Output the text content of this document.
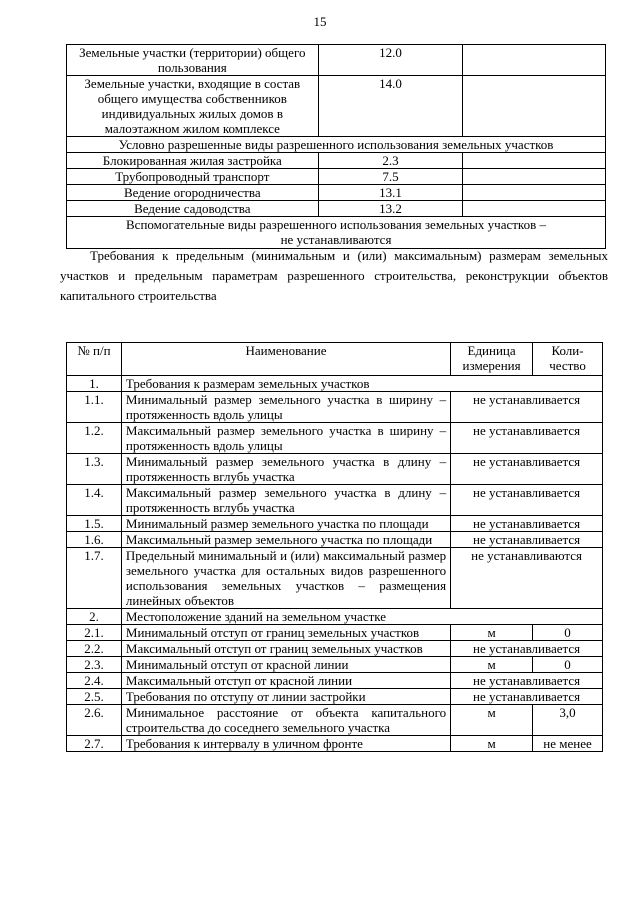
15
Земельные участки (территории) общего пользования	12.0	
Земельные участки, входящие в состав общего имущества собственников индивидуальных жилых домов в малоэтажном жилом комплексе	14.0	
Условно разрешенные виды разрешенного использования земельных участков		
Блокированная жилая застройка	2.3	
Трубопроводный транспорт	7.5	
Ведение огородничества	13.1	
Ведение садоводства	13.2	

Вспомогательные виды разрешенного использования земельных участков –
не устанавливаются		
Требования к предельным (минимальным и (или) максимальным) размерам земельных участков и предельным параметрам разрешенного строительства, реконструкции объектов капитального строительства
№ п/п	Наименование	Единица измерения	Коли-чество
1.	Требования к размерам земельных участков		
1.1.	Минимальный размер земельного участка в ширину – протяженность вдоль улицы	не устанавливается	
1.2.	Максимальный размер земельного участка в ширину – протяженность вдоль улицы	не устанавливается	
1.3.	Минимальный размер земельного участка в длину – протяженность вглубь участка	не устанавливается	
1.4.	Максимальный размер земельного участка в длину – протяженность вглубь участка	не устанавливается	
1.5.	Минимальный размер земельного участка по площади	не устанавливается	
1.6.	Максимальный размер земельного участка по площади	не устанавливается	
1.7.	Предельный минимальный и (или) максимальный размер земельного участка для остальных видов разрешенного использования земельных участков – размещения линейных объектов	не устанавливаются	
2.	Местоположение зданий на земельном участке		
2.1.	Минимальный отступ от границ земельных участков	м	0
2.2.	Максимальный отступ от границ земельных участков	не устанавливается	
2.3.	Минимальный отступ от красной линии	м	0
2.4.	Максимальный отступ от красной линии	не устанавливается	
2.5.	Требования по отступу от линии застройки	не устанавливается	
2.6.	Минимальное расстояние от объекта капитального строительства до соседнего земельного участка	м	3,0
2.7.	Требования к интервалу в уличном фронте	м	не менее
